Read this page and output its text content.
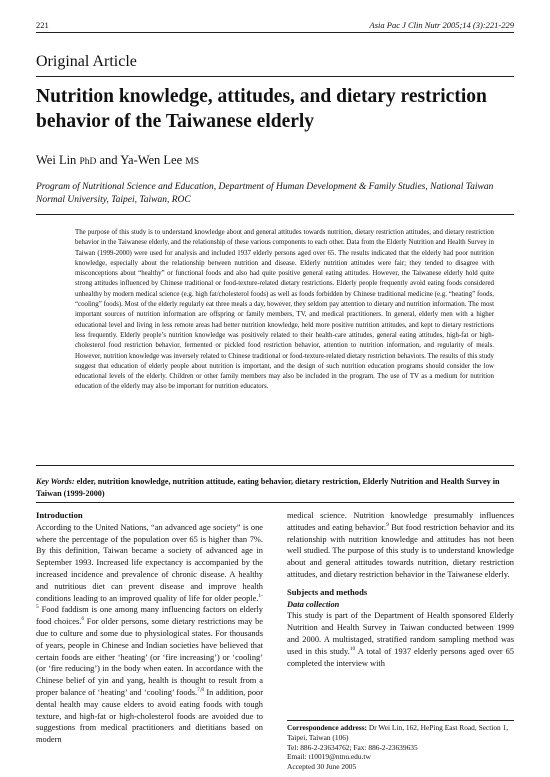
221	Asia Pac J Clin Nutr 2005;14 (3):221-229
Original Article
Nutrition knowledge, attitudes, and dietary restriction behavior of the Taiwanese elderly
Wei Lin PhD and Ya-Wen Lee MS
Program of Nutritional Science and Education, Department of Human Development & Family Studies, National Taiwan Normal University, Taipei, Taiwan, ROC

The purpose of this study is to understand knowledge about and general attitudes towards nutrition, dietary restriction attitudes, and dietary restriction behavior in the Taiwanese elderly, and the relationship of these various components to each other. Data from the Elderly Nutrition and Health Survey in Taiwan (1999-2000) were used for analysis and included 1937 elderly persons aged over 65. The results indicated that the elderly had poor nutrition knowledge, especially about the relationship between nutrition and disease. Elderly nutrition attitudes were fair; they tended to disagree with misconceptions about “healthy” or functional foods and also had quite positive general eating attitudes. However, the Taiwanese elderly hold quite strong attitudes influenced by Chinese traditional or food-texture-related dietary restrictions. Elderly people frequently avoid eating foods considered unhealthy by modern medical science (e.g. high fat/cholesterol foods) as well as foods forbidden by Chinese traditional medicine (e.g. “heating” foods, “cooling” foods). Most of the elderly regularly eat three meals a day, however, they seldom pay attention to dietary and nutrition information. The most important sources of nutrition information are offspring or family members, TV, and medical practitioners. In general, elderly men with a higher educational level and living in less remote areas had better nutrition knowledge, held more positive nutrition attitudes, and kept to dietary restrictions less frequently. Elderly people’s nutrition knowledge was positively related to their health-care attitudes, general eating attitudes, high-fat or high-cholesterol food restriction behavior, fermented or pickled food restriction behavior, attention to nutrition information, and regularity of meals. However, nutrition knowledge was inversely related to Chinese traditional or food-texture-related dietary restriction behaviors. The results of this study suggest that education of elderly people about nutrition is important, and the design of such nutrition education programs should consider the low educational levels of the elderly. Children or other family members may also be included in the program. The use of TV as a medium for nutrition education of the elderly may also be important for nutrition educators.

Key Words: elder, nutrition knowledge, nutrition attitude, eating behavior, dietary restriction, Elderly Nutrition and Health Survey in Taiwan (1999-2000)
Introduction

According to the United Nations, “an advanced age society” is one where the percentage of the population over 65 is higher than 7%. By this definition, Taiwan became a society of advanced age in September 1993. Increased life expectancy is accompanied by the increased incidence and prevalence of chronic disease. A healthy and nutritious diet can prevent disease and improve health conditions leading to an improved quality of life for older people.$^{1-5}$ Food faddism is one among many influencing factors on elderly food choices.$^6$ For older persons, some dietary restrictions may be due to culture and some due to physiological states. For thousands of years, people in Chinese and Indian societies have believed that certain foods are either ‘heating’ (or ‘fire increasing’) or ‘cooling’ (or ‘fire reducing’) in the body when eaten. In accordance with the Chinese belief of yin and yang, health is thought to result from a proper balance of ‘heating’ and ‘cooling’ foods.$^{7,8}$ In addition, poor dental health may cause elders to avoid eating foods with tough texture, and high-fat or high-cholesterol foods are avoided due to suggestions from medical practitioners and dietitians based on modern

medical science. Nutrition knowledge presumably influences attitudes and eating behavior.$^9$ But food restriction behavior and its relationship with nutrition knowledge and attitudes has not been well studied. The purpose of this study is to understand knowledge about and general attitudes towards nutrition, dietary restriction attitudes, and dietary restriction behavior in the Taiwanese elderly.

Subjects and methods
Data collection

This study is part of the Department of Health sponsored Elderly Nutrition and Health Survey in Taiwan conducted between 1999 and 2000. A multistaged, stratified random sampling method was used in this study.$^{10}$ A total of 1937 elderly persons aged over 65 completed the interview with

Correspondence address: Dr Wei Lin, 162, HePing East Road, Section 1, Taipei, Taiwan (106)
Tel: 886-2-23634762; Fax: 886-2-23639635
Email: t10019@ntnu.edu.tw
Accepted 30 June 2005
